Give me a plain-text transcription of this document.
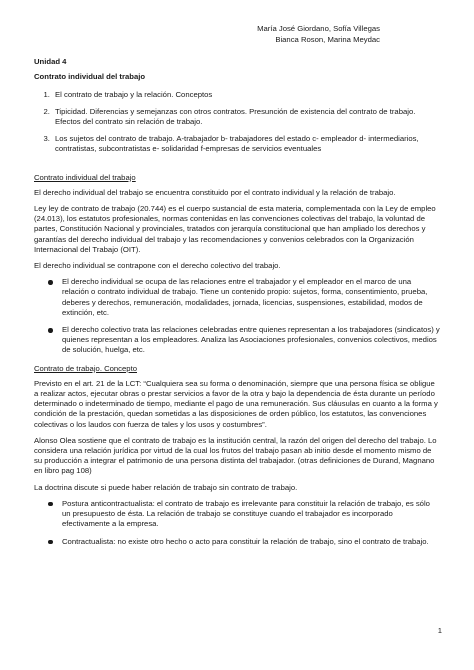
María José Giordano, Sofía Villegas
Bianca Roson, Marina Meydac
Unidad 4
Contrato individual del trabajo
1. El contrato de trabajo y la relación. Conceptos
2. Tipicidad. Diferencias y semejanzas con otros contratos. Presunción de existencia del contrato de trabajo. Efectos del contrato sin relación de trabajo.
3. Los sujetos del contrato de trabajo. A-trabajador b- trabajadores del estado c- empleador d- intermediarios, contratistas, subcontratistas e- solidaridad f-empresas de servicios eventuales
Contrato individual del trabajo

El derecho individual del trabajo se encuentra constituido por el contrato individual y la relación de trabajo.

Ley ley de contrato de trabajo (20.744) es el cuerpo sustancial de esta materia, complementada con la Ley de empleo (24.013), los estatutos profesionales, normas contenidas en las convenciones colectivas del trabajo, la voluntad de partes, Constitución Nacional y provinciales, tratados con jerarquía constitucional que han ampliado los derechos y garantías del derecho individual del trabajo y las recomendaciones y convenios celebrados con la Organización Internacional del Trabajo (OIT).

El derecho individual se contrapone con el derecho colectivo del trabajo.

El derecho individual se ocupa de las relaciones entre el trabajador y el empleador en el marco de una relación o contrato individual de trabajo. Tiene un contenido propio: sujetos, forma, consentimiento, prueba, deberes y derechos, remuneración, modalidades, jornada, licencias, suspensiones, estabilidad, modos de extinción, etc.
El derecho colectivo trata las relaciones celebradas entre quienes representan a los trabajadores (sindicatos) y quienes representan a los empleadores. Analiza las Asociaciones profesionales, convenios colectivos, medios de solución, huelga, etc.
Contrato de trabajo. Concepto

Previsto en el art. 21 de la LCT: “Cualquiera sea su forma o denominación, siempre que una persona física se obligue a realizar actos, ejecutar obras o prestar servicios a favor de la otra y bajo la dependencia de ésta durante un período determinado o indeterminado de tiempo, mediante el pago de una remuneración. Sus cláusulas en cuanto a la forma y condición de la prestación, quedan sometidas a las disposiciones de orden público, los estatutos, las convenciones colectivas o los laudos con fuerza de tales y los usos y costumbres”.

Alonso Olea sostiene que el contrato de trabajo es la institución central, la razón del origen del derecho del trabajo. Lo considera una relación jurídica por virtud de la cual los frutos del trabajo pasan ab initio desde el momento mismo de su producción a integrar el patrimonio de una persona distinta del trabajador. (otras definiciones de Durand, Magnano en libro pag 108)

La doctrina discute si puede haber relación de trabajo sin contrato de trabajo.

Postura anticontractualista: el contrato de trabajo es irrelevante para constituir la relación de trabajo, es sólo un presupuesto de ésta. La relación de trabajo se constituye cuando el trabajador es incorporado efectivamente a la empresa.
Contractualista: no existe otro hecho o acto para constituir la relación de trabajo, sino el contrato de trabajo.
1
